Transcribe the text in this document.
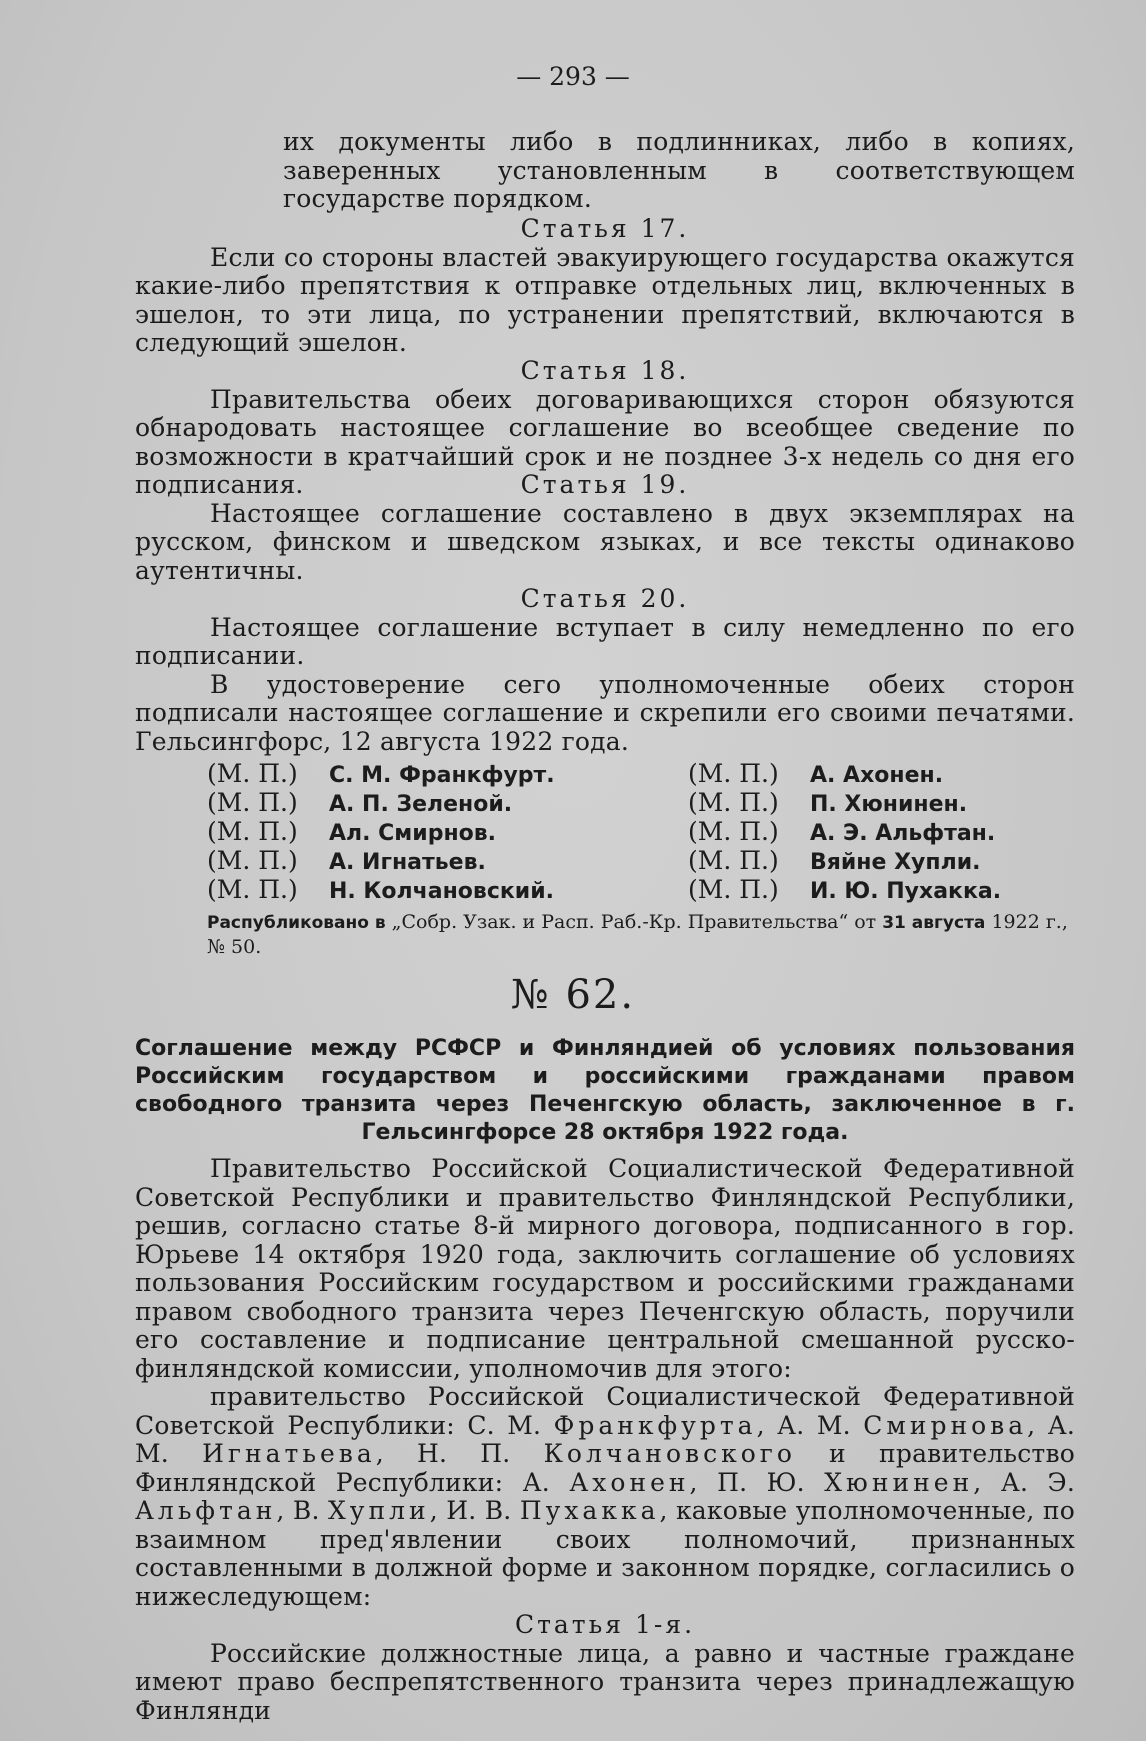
— 293 —

их документы либо в подлинниках, либо в копиях, заверенных установленным в соответствующем государстве порядком.

Статья 17.

Если со стороны властей эвакуирующего государства окажутся какие-либо препятствия к отправке отдельных лиц, включенных в эшелон, то эти лица, по устранении препятствий, включаются в следующий эшелон.

Статья 18.

Правительства обеих договаривающихся сторон обязуются обнародовать настоящее соглашение во всеобщее сведение по возможности в кратчайший срок и не позднее 3-х недель со дня его подписания.	Статья 19.

Настоящее соглашение составлено в двух экземплярах на русском, финском и шведском языках, и все тексты одинаково аутентичны.

Статья 20.

Настоящее соглашение вступает в силу немедленно по его подписании.

В удостоверение сего уполномоченные обеих сторон подписали настоящее соглашение и скрепили его своими печатями. Гельсингфорс, 12 августа 1922 года.

(М. П.) С. М. Франкфурт.
(М. П.) А. П. Зеленой.
(М. П.) Ал. Смирнов.
(М. П.) А. Игнатьев.
(М. П.) Н. Колчановский.
(М. П.) А. Ахонен.
(М. П.) П. Хюнинен.
(М. П.) А. Э. Альфтан.
(М. П.) Вяйне Хупли.
(М. П.) И. Ю. Пухакка.
Распубликовано в „Собр. Узак. и Расп. Раб.-Кр. Правительства“ от 31 августа 1922 г., № 50.
№ 62.
Соглашение между РСФСР и Финляндией об условиях пользования Российским государством и российскими гражданами правом свободного транзита через Печенгскую область, заключенное в г. Гельсингфорсе 28 октября 1922 года.

Правительство Российской Социалистической Федеративной Советской Республики и правительство Финляндской Республики, решив, согласно статье 8-й мирного договора, подписанного в гор. Юрьеве 14 октября 1920 года, заключить соглашение об условиях пользования Российским государством и российскими гражданами правом свободного транзита через Печенгскую область, поручили его составление и подписание центральной смешанной русско-финляндской комиссии, уполномочив для этого:

правительство Российской Социалистической Федеративной Советской Республики: С. М. Франкфурта, А. М. Смирнова, А. М. Игнатьева, Н. П. Колчановского и правительство Финляндской Республики: А. Ахонен, П. Ю. Хюнинен, А. Э. Альфтан, В. Хупли, И. В. Пухакка, каковые уполномоченные, по взаимном пред'явлении своих полномочий, признанных составленными в должной форме и законном порядке, согласились о нижеследующем:

Статья 1-я.

Российские должностные лица, а равно и частные граждане имеют право беспрепятственного транзита через принадлежащую Финлянди
